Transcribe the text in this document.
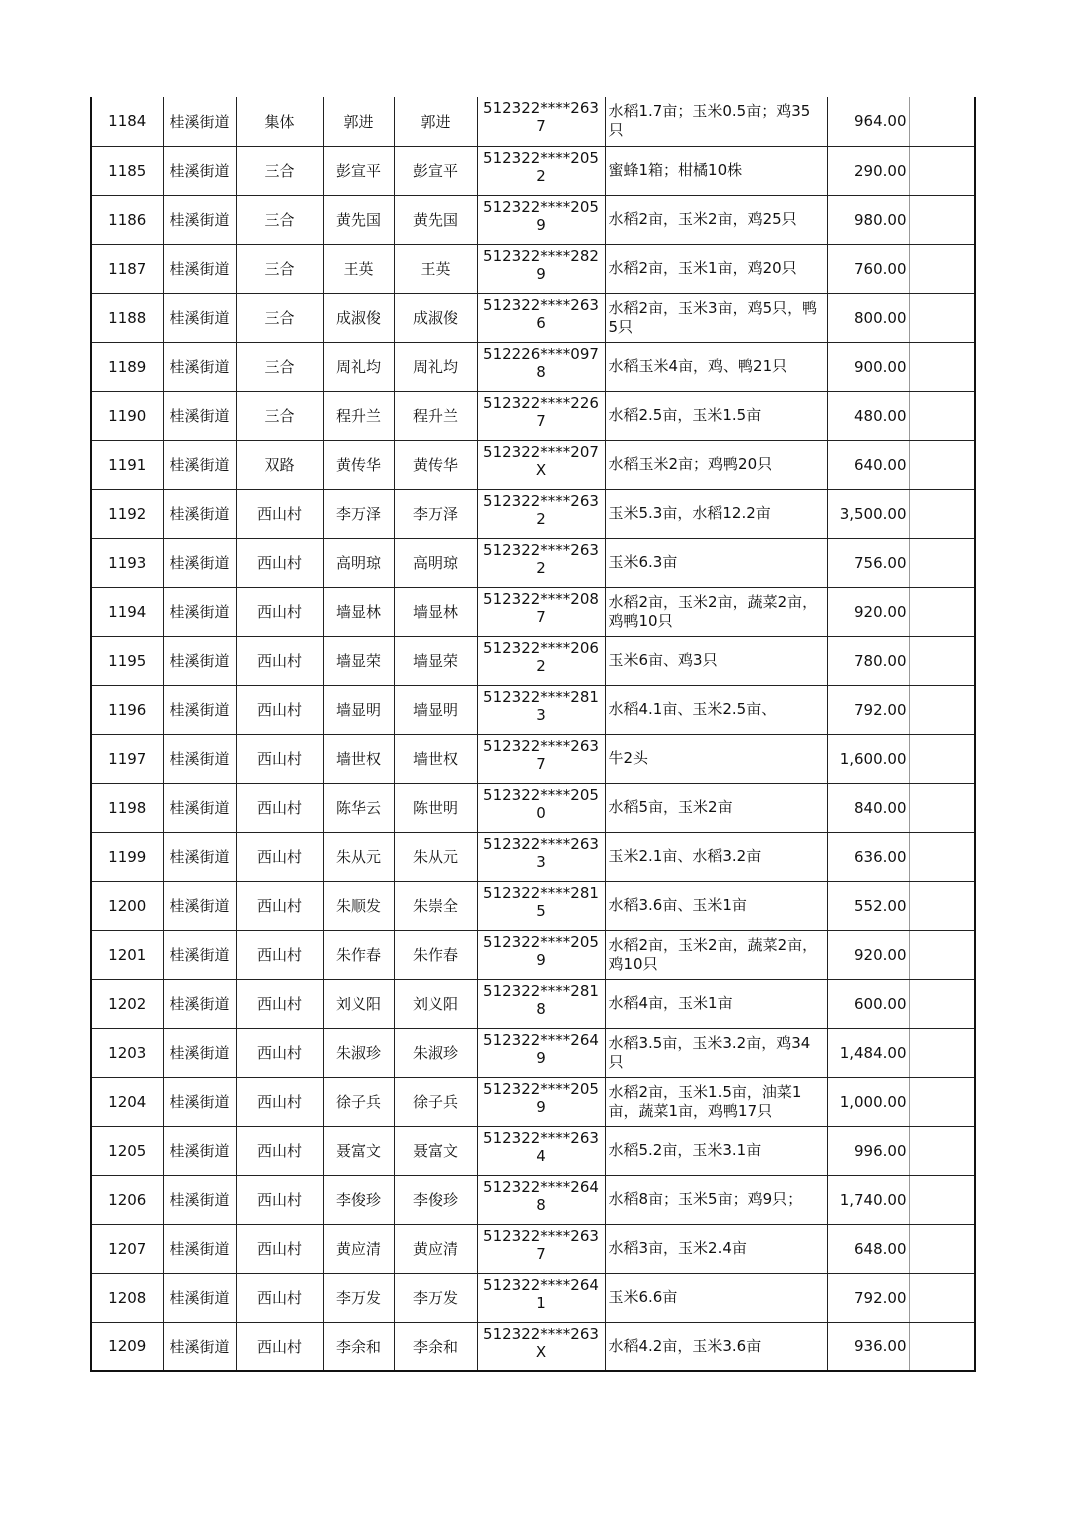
1184	桂溪街道	集体	郭进	郭进	512322****2637	水稻1.7亩；玉米0.5亩；鸡35只	964.00	
1185	桂溪街道	三合	彭宣平	彭宣平	512322****2052	蜜蜂1箱；柑橘10株	290.00	
1186	桂溪街道	三合	黄先国	黄先国	512322****2059	水稻2亩，玉米2亩，鸡25只	980.00	
1187	桂溪街道	三合	王英	王英	512322****2829	水稻2亩，玉米1亩，鸡20只	760.00	
1188	桂溪街道	三合	成淑俊	成淑俊	512322****2636	水稻2亩，玉米3亩，鸡5只，鸭5只	800.00	
1189	桂溪街道	三合	周礼均	周礼均	512226****0978	水稻玉米4亩，鸡、鸭21只	900.00	
1190	桂溪街道	三合	程升兰	程升兰	512322****2267	水稻2.5亩，玉米1.5亩	480.00	
1191	桂溪街道	双路	黄传华	黄传华	512322****207X	水稻玉米2亩；鸡鸭20只	640.00	
1192	桂溪街道	西山村	李万泽	李万泽	512322****2632	玉米5.3亩，水稻12.2亩	3,500.00	
1193	桂溪街道	西山村	高明琼	高明琼	512322****2632	玉米6.3亩	756.00	
1194	桂溪街道	西山村	墙显林	墙显林	512322****2087	水稻2亩，玉米2亩，蔬菜2亩，鸡鸭10只	920.00	
1195	桂溪街道	西山村	墙显荣	墙显荣	512322****2062	玉米6亩、鸡3只	780.00	
1196	桂溪街道	西山村	墙显明	墙显明	512322****2813	水稻4.1亩、玉米2.5亩、	792.00	
1197	桂溪街道	西山村	墙世权	墙世权	512322****2637	牛2头	1,600.00	
1198	桂溪街道	西山村	陈华云	陈世明	512322****2050	水稻5亩，玉米2亩	840.00	
1199	桂溪街道	西山村	朱从元	朱从元	512322****2633	玉米2.1亩、水稻3.2亩	636.00	
1200	桂溪街道	西山村	朱顺发	朱崇全	512322****2815	水稻3.6亩、玉米1亩	552.00	
1201	桂溪街道	西山村	朱作春	朱作春	512322****2059	水稻2亩，玉米2亩，蔬菜2亩，鸡10只	920.00	
1202	桂溪街道	西山村	刘义阳	刘义阳	512322****2818	水稻4亩，玉米1亩	600.00	
1203	桂溪街道	西山村	朱淑珍	朱淑珍	512322****2649	水稻3.5亩，玉米3.2亩，鸡34只	1,484.00	
1204	桂溪街道	西山村	徐子兵	徐子兵	512322****2059	水稻2亩，玉米1.5亩，油菜1亩，蔬菜1亩，鸡鸭17只	1,000.00	
1205	桂溪街道	西山村	聂富文	聂富文	512322****2634	水稻5.2亩，玉米3.1亩	996.00	
1206	桂溪街道	西山村	李俊珍	李俊珍	512322****2648	水稻8亩；玉米5亩；鸡9只；	1,740.00	
1207	桂溪街道	西山村	黄应清	黄应清	512322****2637	水稻3亩，玉米2.4亩	648.00	
1208	桂溪街道	西山村	李万发	李万发	512322****2641	玉米6.6亩	792.00	
1209	桂溪街道	西山村	李余和	李余和	512322****263X	水稻4.2亩，玉米3.6亩	936.00	
